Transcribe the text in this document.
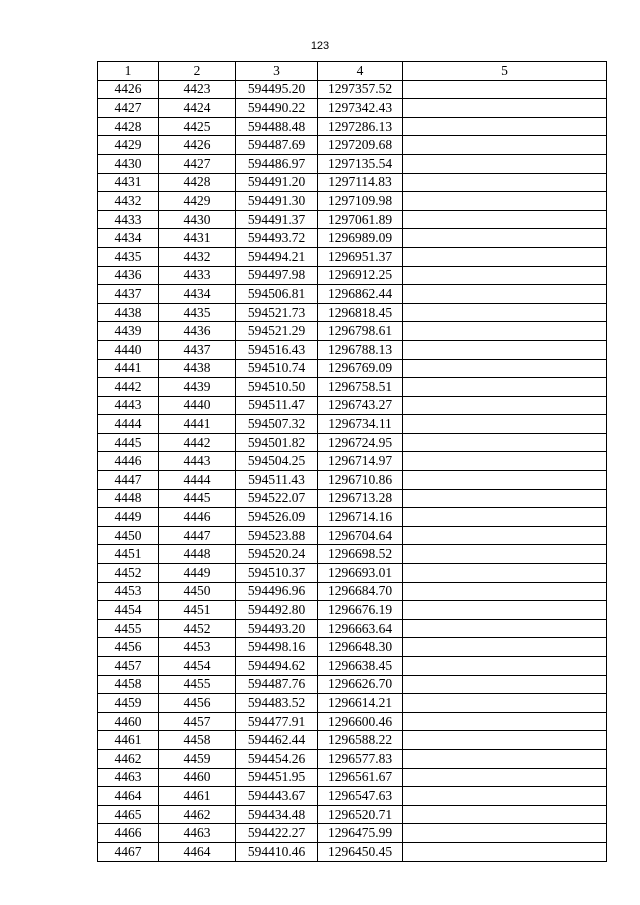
123
1	2	3	4	5
4426	4423	594495.20	1297357.52	
4427	4424	594490.22	1297342.43	
4428	4425	594488.48	1297286.13	
4429	4426	594487.69	1297209.68	
4430	4427	594486.97	1297135.54	
4431	4428	594491.20	1297114.83	
4432	4429	594491.30	1297109.98	
4433	4430	594491.37	1297061.89	
4434	4431	594493.72	1296989.09	
4435	4432	594494.21	1296951.37	
4436	4433	594497.98	1296912.25	
4437	4434	594506.81	1296862.44	
4438	4435	594521.73	1296818.45	
4439	4436	594521.29	1296798.61	
4440	4437	594516.43	1296788.13	
4441	4438	594510.74	1296769.09	
4442	4439	594510.50	1296758.51	
4443	4440	594511.47	1296743.27	
4444	4441	594507.32	1296734.11	
4445	4442	594501.82	1296724.95	
4446	4443	594504.25	1296714.97	
4447	4444	594511.43	1296710.86	
4448	4445	594522.07	1296713.28	
4449	4446	594526.09	1296714.16	
4450	4447	594523.88	1296704.64	
4451	4448	594520.24	1296698.52	
4452	4449	594510.37	1296693.01	
4453	4450	594496.96	1296684.70	
4454	4451	594492.80	1296676.19	
4455	4452	594493.20	1296663.64	
4456	4453	594498.16	1296648.30	
4457	4454	594494.62	1296638.45	
4458	4455	594487.76	1296626.70	
4459	4456	594483.52	1296614.21	
4460	4457	594477.91	1296600.46	
4461	4458	594462.44	1296588.22	
4462	4459	594454.26	1296577.83	
4463	4460	594451.95	1296561.67	
4464	4461	594443.67	1296547.63	
4465	4462	594434.48	1296520.71	
4466	4463	594422.27	1296475.99	
4467	4464	594410.46	1296450.45	
